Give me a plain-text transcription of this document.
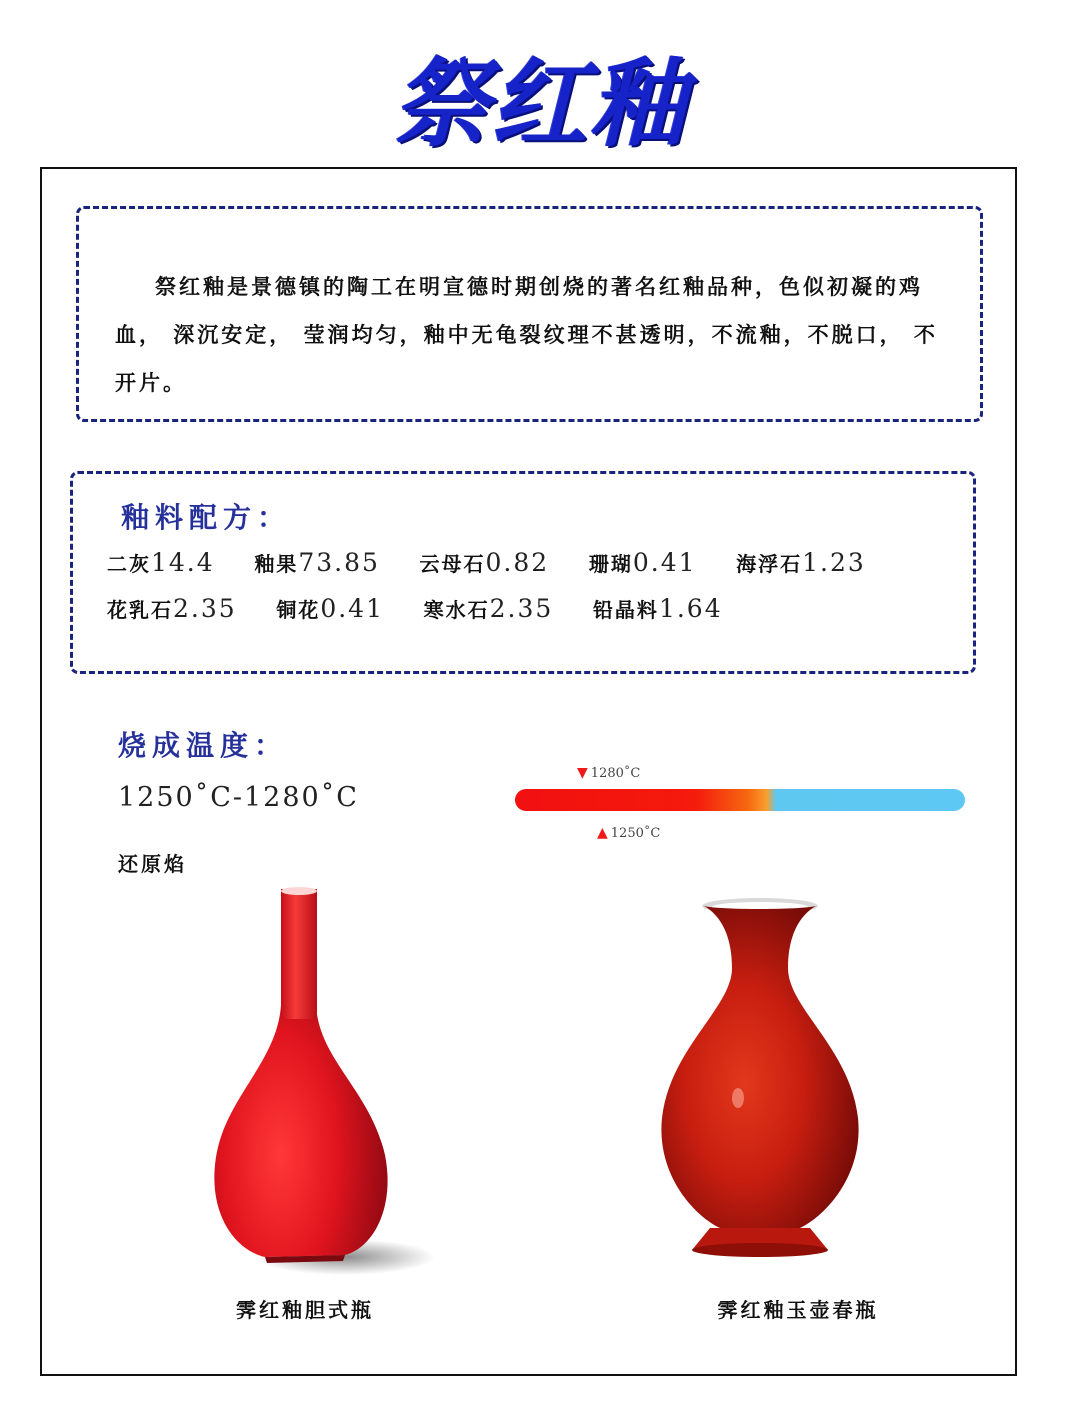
祭红釉

祭红釉是景德镇的陶工在明宣德时期创烧的著名红釉品种，色似初凝的鸡血， 深沉安定， 莹润均匀，釉中无龟裂纹理不甚透明，不流釉，不脱口， 不开片。

釉料配方：
二灰14.4 釉果73.85 云母石0.82 珊瑚0.41 海浮石1.23
花乳石2.35 铜花0.41 寒水石2.35 铅晶料1.64
烧成温度：
1250˚C-1280˚C
还原焰
▼ 1280˚C
▲ 1250˚C
霁红釉胆式瓶	霁红釉玉壶春瓶
